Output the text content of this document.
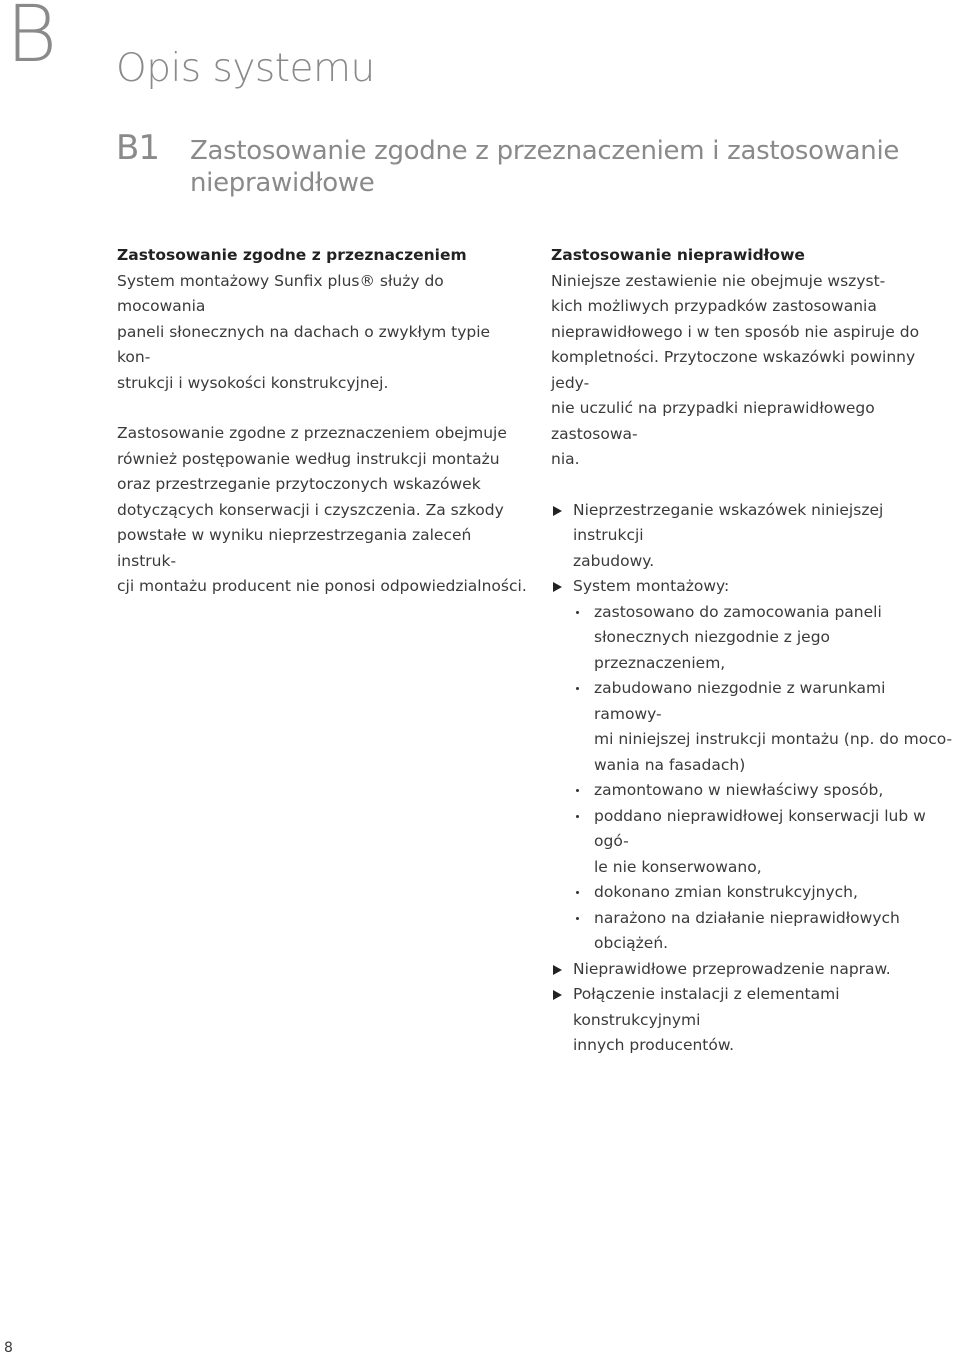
B Opis systemu
B1 Zastosowanie zgodne z przeznaczeniem i zastosowanie
nieprawidłowe
Zastosowanie zgodne z przeznaczeniem

System montażowy Sunfix plus® służy do mocowania
paneli słonecznych na dachach o zwykłym typie kon-
strukcji i wysokości konstrukcyjnej.

Zastosowanie zgodne z przeznaczeniem obejmuje
również postępowanie według instrukcji montażu
oraz przestrzeganie przytoczonych wskazówek
dotyczących konserwacji i czyszczenia. Za szkody
powstałe w wyniku nieprzestrzegania zaleceń instruk-
cji montażu producent nie ponosi odpowiedzialności.

Zastosowanie nieprawidłowe

Niniejsze zestawienie nie obejmuje wszyst-
kich możliwych przypadków zastosowania
nieprawidłowego i w ten sposób nie aspiruje do
kompletności. Przytoczone wskazówki powinny jedy-
nie uczulić na przypadki nieprawidłowego zastosowa-
nia.

Nieprzestrzeganie wskazówek niniejszej instrukcji
zabudowy.
System montażowy:
zastosowano do zamocowania paneli
słonecznych niezgodnie z jego przeznaczeniem,
zabudowano niezgodnie z warunkami ramowy-
mi niniejszej instrukcji montażu (np. do moco-
wania na fasadach)
zamontowano w niewłaściwy sposób,
poddano nieprawidłowej konserwacji lub w ogó-
le nie konserwowano,
dokonano zmian konstrukcyjnych,
narażono na działanie nieprawidłowych
obciążeń.
Nieprawidłowe przeprowadzenie napraw.
Połączenie instalacji z elementami konstrukcyjnymi
innych producentów.
8
